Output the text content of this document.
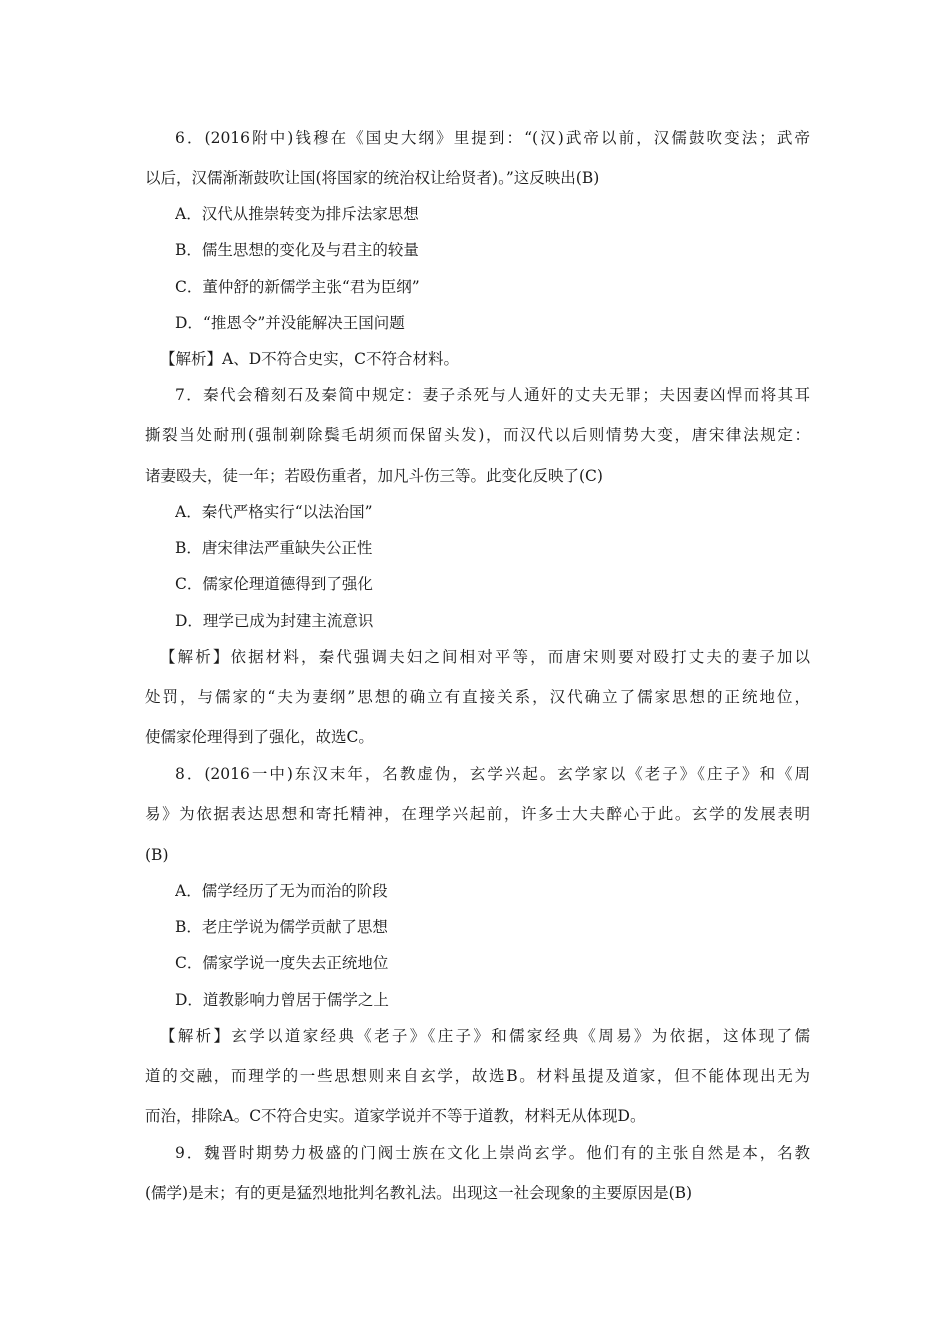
6．(2016附中)钱穆在《国史大纲》里提到：“(汉)武帝以前，汉儒鼓吹变法；武帝
以后，汉儒渐渐鼓吹让国(将国家的统治权让给贤者)。”这反映出(B)
A．汉代从推崇转变为排斥法家思想
B．儒生思想的变化及与君主的较量
C．董仲舒的新儒学主张“君为臣纲”
D．“推恩令”并没能解决王国问题
【解析】A、D不符合史实，C不符合材料。
7．秦代会稽刻石及秦简中规定：妻子杀死与人通奸的丈夫无罪；夫因妻凶悍而将其耳
撕裂当处耐刑(强制剃除鬓毛胡须而保留头发)，而汉代以后则情势大变，唐宋律法规定：
诸妻殴夫，徒一年；若殴伤重者，加凡斗伤三等。此变化反映了(C)
A．秦代严格实行“以法治国”
B．唐宋律法严重缺失公正性
C．儒家伦理道德得到了强化
D．理学已成为封建主流意识
【解析】依据材料，秦代强调夫妇之间相对平等，而唐宋则要对殴打丈夫的妻子加以
处罚，与儒家的“夫为妻纲”思想的确立有直接关系，汉代确立了儒家思想的正统地位，
使儒家伦理得到了强化，故选C。
8．(2016一中)东汉末年，名教虚伪，玄学兴起。玄学家以《老子》《庄子》和《周
易》为依据表达思想和寄托精神，在理学兴起前，许多士大夫醉心于此。玄学的发展表明
(B)
A．儒学经历了无为而治的阶段
B．老庄学说为儒学贡献了思想
C．儒家学说一度失去正统地位
D．道教影响力曾居于儒学之上
【解析】玄学以道家经典《老子》《庄子》和儒家经典《周易》为依据，这体现了儒
道的交融，而理学的一些思想则来自玄学，故选B。材料虽提及道家，但不能体现出无为
而治，排除A。C不符合史实。道家学说并不等于道教，材料无从体现D。
9．魏晋时期势力极盛的门阀士族在文化上崇尚玄学。他们有的主张自然是本，名教
(儒学)是末；有的更是猛烈地批判名教礼法。出现这一社会现象的主要原因是(B)
